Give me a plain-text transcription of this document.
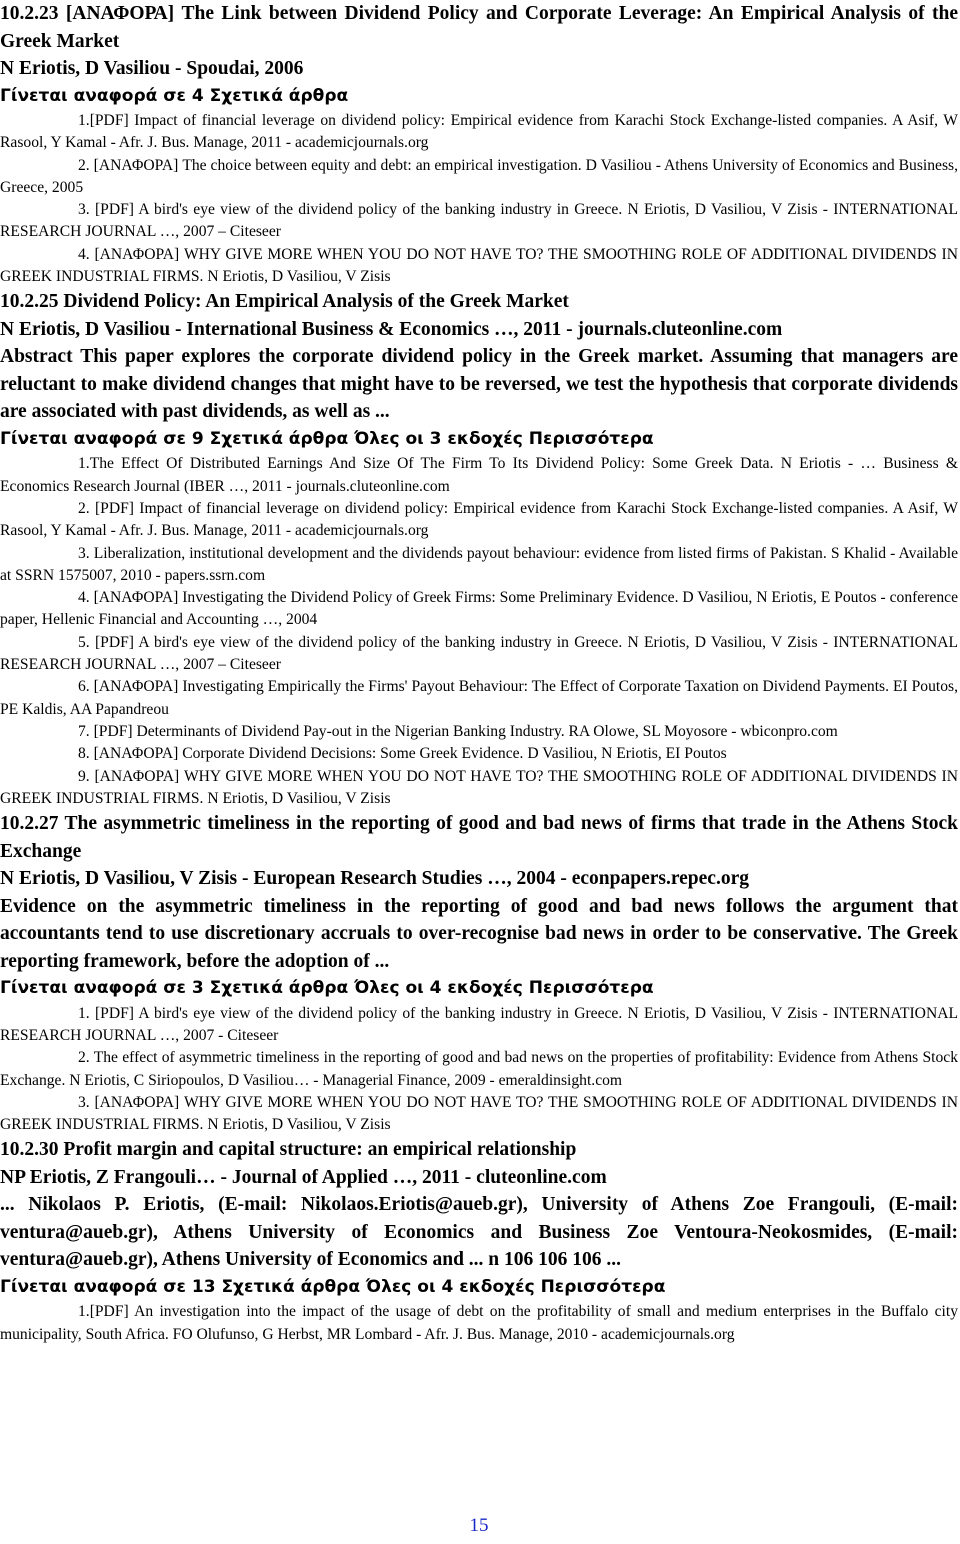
10.2.23 [ΑΝΑΦΟΡΑ] The Link between Dividend Policy and Corporate Leverage: An Empirical Analysis of the Greek Market

N Eriotis, D Vasiliou - Spoudai, 2006

Γίνεται αναφορά σε 4 Σχετικά άρθρα

1.[PDF] Impact of financial leverage on dividend policy: Empirical evidence from Karachi Stock Exchange-listed companies. A Asif, W Rasool, Y Kamal - Afr. J. Bus. Manage, 2011 - academicjournals.org

2. [ΑΝΑΦΟΡΑ] The choice between equity and debt: an empirical investigation. D Vasiliou - Athens University of Economics and Business, Greece, 2005

3. [PDF] A bird's eye view of the dividend policy of the banking industry in Greece. N Eriotis, D Vasiliou, V Zisis - INTERNATIONAL RESEARCH JOURNAL …, 2007 – Citeseer

4. [ΑΝΑΦΟΡΑ] WHY GIVE MORE WHEN YOU DO NOT HAVE TO? THE SMOOTHING ROLE OF ADDITIONAL DIVIDENDS IN GREEK INDUSTRIAL FIRMS. N Eriotis, D Vasiliou, V Zisis

10.2.25 Dividend Policy: An Empirical Analysis of the Greek Market

N Eriotis, D Vasiliou - International Business & Economics …, 2011 - journals.cluteonline.com

Abstract This paper explores the corporate dividend policy in the Greek market. Assuming that managers are reluctant to make dividend changes that might have to be reversed, we test the hypothesis that corporate dividends are associated with past dividends, as well as ...

Γίνεται αναφορά σε 9 Σχετικά άρθρα Όλες οι 3 εκδοχές Περισσότερα

1.The Effect Of Distributed Earnings And Size Of The Firm To Its Dividend Policy: Some Greek Data. N Eriotis - … Business & Economics Research Journal (IBER …, 2011 - journals.cluteonline.com

2. [PDF] Impact of financial leverage on dividend policy: Empirical evidence from Karachi Stock Exchange-listed companies. A Asif, W Rasool, Y Kamal - Afr. J. Bus. Manage, 2011 - academicjournals.org

3. Liberalization, institutional development and the dividends payout behaviour: evidence from listed firms of Pakistan. S Khalid - Available at SSRN 1575007, 2010 - papers.ssrn.com

4. [ΑΝΑΦΟΡΑ] Investigating the Dividend Policy of Greek Firms: Some Preliminary Evidence. D Vasiliou, N Eriotis, E Poutos - conference paper, Hellenic Financial and Accounting …, 2004

5. [PDF] A bird's eye view of the dividend policy of the banking industry in Greece. N Eriotis, D Vasiliou, V Zisis - INTERNATIONAL RESEARCH JOURNAL …, 2007 – Citeseer

6. [ΑΝΑΦΟΡΑ] Investigating Empirically the Firms' Payout Behaviour: The Effect of Corporate Taxation on Dividend Payments. EI Poutos, PE Kaldis, AA Papandreou

7. [PDF] Determinants of Dividend Pay-out in the Nigerian Banking Industry. RA Olowe, SL Moyosore - wbiconpro.com

8. [ΑΝΑΦΟΡΑ] Corporate Dividend Decisions: Some Greek Evidence. D Vasiliou, N Eriotis, EI Poutos

9. [ΑΝΑΦΟΡΑ] WHY GIVE MORE WHEN YOU DO NOT HAVE TO? THE SMOOTHING ROLE OF ADDITIONAL DIVIDENDS IN GREEK INDUSTRIAL FIRMS. N Eriotis, D Vasiliou, V Zisis

10.2.27 The asymmetric timeliness in the reporting of good and bad news of firms that trade in the Athens Stock Exchange

N Eriotis, D Vasiliou, V Zisis - European Research Studies …, 2004 - econpapers.repec.org

Evidence on the asymmetric timeliness in the reporting of good and bad news follows the argument that accountants tend to use discretionary accruals to over-recognise bad news in order to be conservative. The Greek reporting framework, before the adoption of ...

Γίνεται αναφορά σε 3 Σχετικά άρθρα Όλες οι 4 εκδοχές Περισσότερα

1. [PDF] A bird's eye view of the dividend policy of the banking industry in Greece. N Eriotis, D Vasiliou, V Zisis - INTERNATIONAL RESEARCH JOURNAL …, 2007 - Citeseer

2. The effect of asymmetric timeliness in the reporting of good and bad news on the properties of profitability: Evidence from Athens Stock Exchange. N Eriotis, C Siriopoulos, D Vasiliou… - Managerial Finance, 2009 - emeraldinsight.com

3. [ΑΝΑΦΟΡΑ] WHY GIVE MORE WHEN YOU DO NOT HAVE TO? THE SMOOTHING ROLE OF ADDITIONAL DIVIDENDS IN GREEK INDUSTRIAL FIRMS. N Eriotis, D Vasiliou, V Zisis

10.2.30 Profit margin and capital structure: an empirical relationship

NP Eriotis, Z Frangouli… - Journal of Applied …, 2011 - cluteonline.com

... Nikolaos P. Eriotis, (E-mail: Nikolaos.Eriotis@aueb.gr), University of Athens Zoe Frangouli, (E-mail: ventura@aueb.gr), Athens University of Economics and Business Zoe Ventoura-Neokosmides, (E-mail: ventura@aueb.gr), Athens University of Economics and ... n 106 106 106 ...

Γίνεται αναφορά σε 13 Σχετικά άρθρα Όλες οι 4 εκδοχές Περισσότερα

1.[PDF] An investigation into the impact of the usage of debt on the profitability of small and medium enterprises in the Buffalo city municipality, South Africa. FO Olufunso, G Herbst, MR Lombard - Afr. J. Bus. Manage, 2010 - academicjournals.org

15
